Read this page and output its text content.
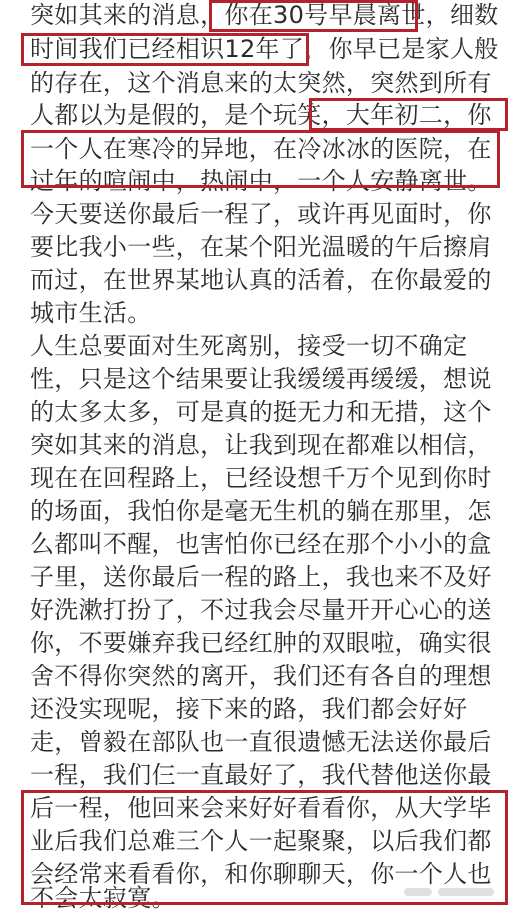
突如其来的消息，你在30号早晨离世，细数
时间我们已经相识12年了，你早已是家人般
的存在，这个消息来的太突然，突然到所有
人都以为是假的，是个玩笑，大年初二，你
一个人在寒冷的异地，在冷冰冰的医院，在
过年的喧闹中，热闹中，一个人安静离世。
今天要送你最后一程了，或许再见面时，你
要比我小一些，在某个阳光温暖的午后擦肩
而过，在世界某地认真的活着，在你最爱的
城市生活。
人生总要面对生死离别，接受一切不确定
性，只是这个结果要让我缓缓再缓缓，想说
的太多太多，可是真的挺无力和无措，这个
突如其来的消息，让我到现在都难以相信，
现在在回程路上，已经设想千万个见到你时
的场面，我怕你是毫无生机的躺在那里，怎
么都叫不醒，也害怕你已经在那个小小的盒
子里，送你最后一程的路上，我也来不及好
好洗漱打扮了，不过我会尽量开开心心的送
你，不要嫌弃我已经红肿的双眼啦，确实很
舍不得你突然的离开，我们还有各自的理想
还没实现呢，接下来的路，我们都会好好
走，曾毅在部队也一直很遗憾无法送你最后
一程，我们仨一直最好了，我代替他送你最
后一程，他回来会来好好看看你，从大学毕
业后我们总难三个人一起聚聚，以后我们都
会经常来看看你，和你聊聊天，你一个人也
不会太寂寞。
